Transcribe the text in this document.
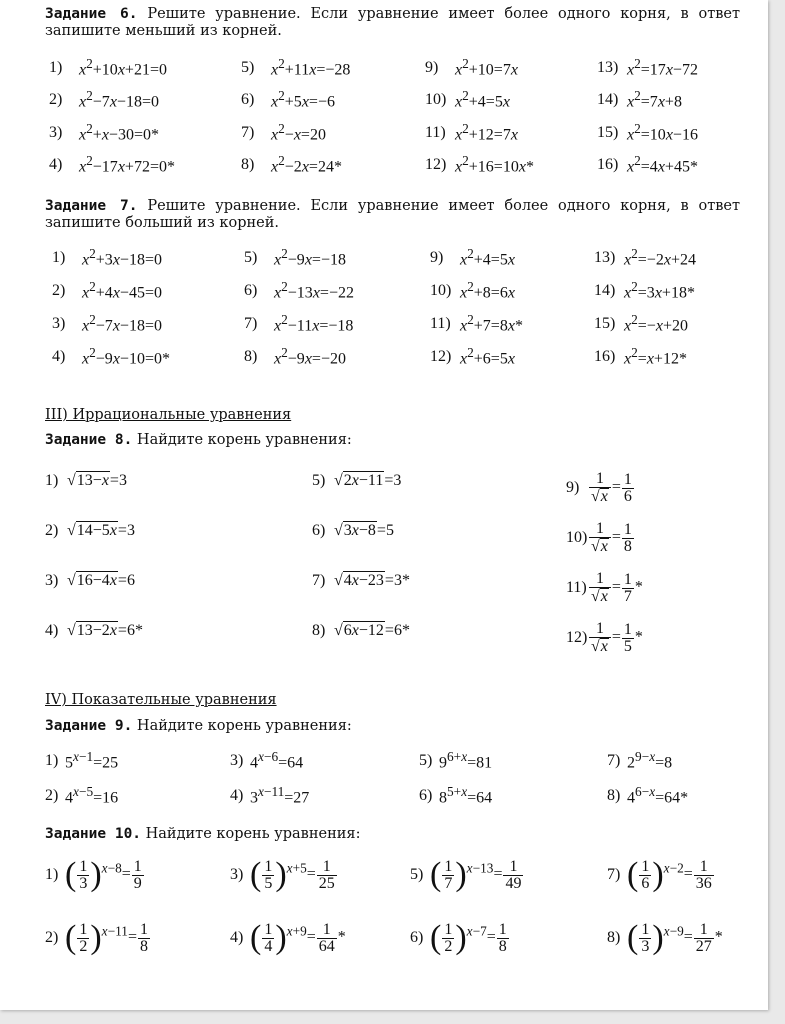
Задание 6. Решите уравнение. Если уравнение имеет более одного корня, в ответ запишите меньший из корней.
1)	$x^2+10x+21=0$	5)	$x^2+11x=-28$	9)	$x^2+10=7x$	13) $x^2=17x-72$
2)	$x^2-7x-18=0$	6)	$x^2+5x=-6$	10) $x^2+4=5x$	14) $x^2=7x+8$
3)	$x^2+x-30=0*$	7)	$x^2-x=20$	11) $x^2+12=7x$	15) $x^2=10x-16$
4)	$x^2-17x+72=0*$	8)	$x^2-2x=24*$	12) $x^2+16=10x*$	16) $x^2=4x+45*$
Задание 7. Решите уравнение. Если уравнение имеет более одного корня, в ответ запишите больший из корней.
1)	$x^2+3x-18=0$	5)	$x^2-9x=-18$	9)	$x^2+4=5x$	13) $x^2=-2x+24$
2)	$x^2+4x-45=0$	6)	$x^2-13x=-22$	10) $x^2+8=6x$	14) $x^2=3x+18*$
3)	$x^2-7x-18=0$	7)	$x^2-11x=-18$	11) $x^2+7=8x*$	15) $x^2=-x+20$
4)	$x^2-9x-10=0*$	8)	$x^2-9x=-20$	12) $x^2+6=5x$	16) $x^2=x+12*$
III) Иррациональные уравнения
Задание 8. Найдите корень уравнения:
1) √13−x=3	5) √2x−11=3	$9) \frac{1}{√x} = \frac{1}{6}$
2) √14−5x=3	6) √3x−8=5	$10) \frac{1}{√x} = \frac{1}{8}$
3) √16−4x=6	7) √4x−23=3*	$11) \frac{1}{√x} = \frac{1}{7}$ *
4) √13−2x=6*	8) √6x−12=6*	$12) \frac{1}{√x} = \frac{1}{5}$ *
IV) Показательные уравнения
Задание 9. Найдите корень уравнения:
1) $5^{x-1}=25$	3) $4^{x-6}=64$	5) $9^{6+x}=81$	7) $2^{9-x}=8$
2) $4^{x-5}=16$	4) $3^{x-11}=27$	6) $8^{5+x}=64$	8) $4^{6-x}=64*$
Задание 10. Найдите корень уравнения:
1) ( $\frac{1}{3} )^{x-8}= \frac{1}{9}$	3) ( $\frac{1}{5} )^{x+5}= \frac{1}{25}$	5) ( $\frac{1}{7} )^{x-13}= \frac{1}{49}$	7) ( $\frac{1}{6} )^{x-2}= \frac{1}{36}$
2) ( $\frac{1}{2} )^{x-11}= \frac{1}{8}$	4) ( $\frac{1}{4} )^{x+9}= \frac{1}{64}$ *	6) ( $\frac{1}{2} )^{x-7}= \frac{1}{8}$	8) ( $\frac{1}{3} )^{x-9}= \frac{1}{27}$ *
